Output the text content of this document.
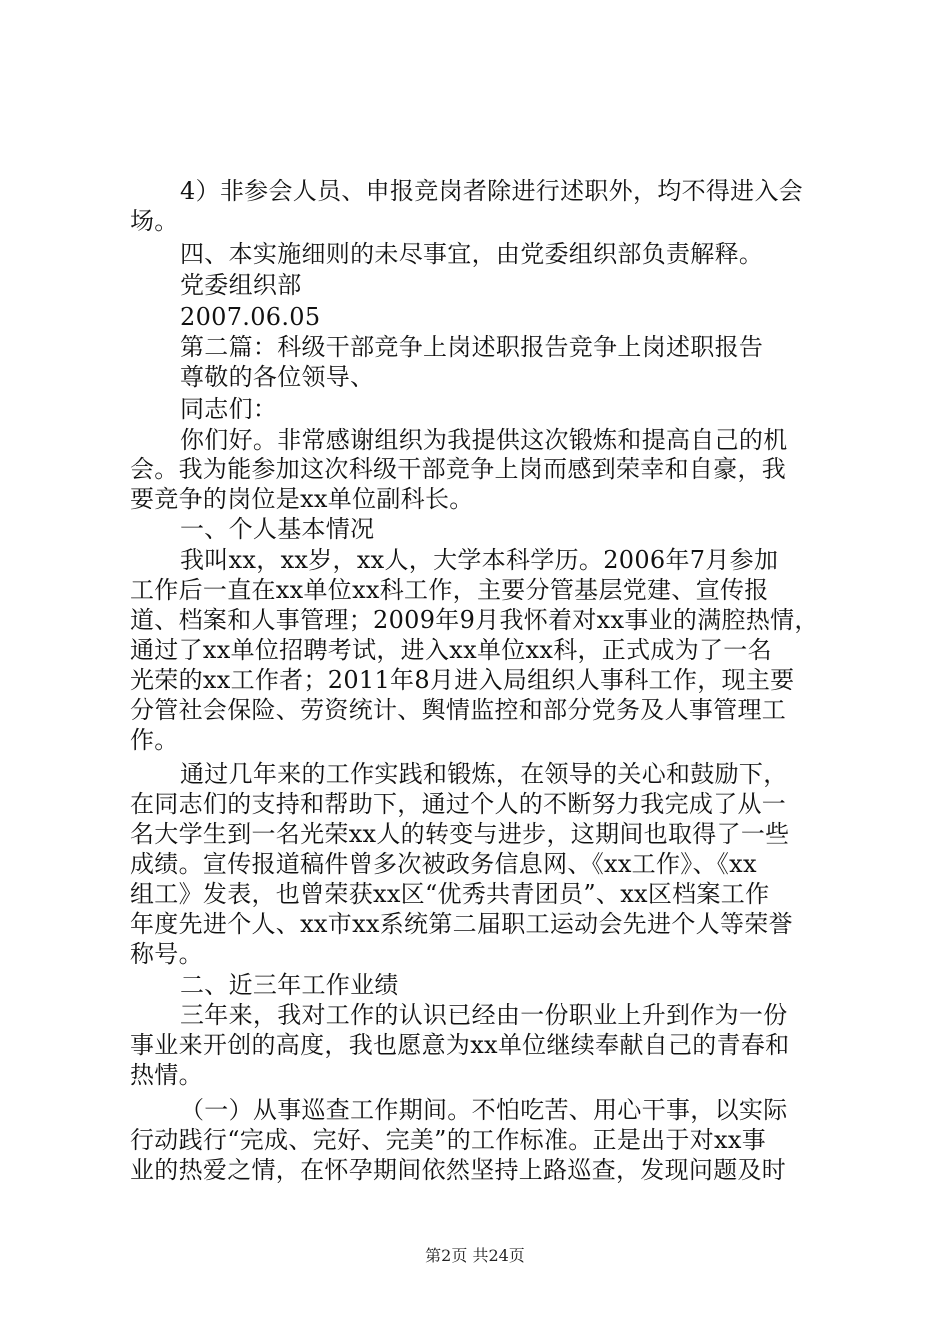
4）非参会人员、申报竞岗者除进行述职外，均不得进入会
场。
四、本实施细则的未尽事宜，由党委组织部负责解释。
党委组织部
2007.06.05
第二篇：科级干部竞争上岗述职报告竞争上岗述职报告
尊敬的各位领导、
同志们：
你们好。非常感谢组织为我提供这次锻炼和提高自己的机
会。我为能参加这次科级干部竞争上岗而感到荣幸和自豪，我
要竞争的岗位是xx单位副科长。
一、个人基本情况
我叫xx，xx岁，xx人，大学本科学历。2006年7月参加
工作后一直在xx单位xx科工作，主要分管基层党建、宣传报
道、档案和人事管理；2009年9月我怀着对xx事业的满腔热情，
通过了xx单位招聘考试，进入xx单位xx科，正式成为了一名
光荣的xx工作者；2011年8月进入局组织人事科工作，现主要
分管社会保险、劳资统计、舆情监控和部分党务及人事管理工
作。
通过几年来的工作实践和锻炼，在领导的关心和鼓励下，
在同志们的支持和帮助下，通过个人的不断努力我完成了从一
名大学生到一名光荣xx人的转变与进步，这期间也取得了一些
成绩。宣传报道稿件曾多次被政务信息网、《xx工作》、《xx
组工》发表，也曾荣获xx区“优秀共青团员”、xx区档案工作
年度先进个人、xx市xx系统第二届职工运动会先进个人等荣誉
称号。
二、近三年工作业绩
三年来，我对工作的认识已经由一份职业上升到作为一份
事业来开创的高度，我也愿意为xx单位继续奉献自己的青春和
热情。
（一）从事巡查工作期间。不怕吃苦、用心干事，以实际
行动践行“完成、完好、完美”的工作标准。正是出于对xx事
业的热爱之情，在怀孕期间依然坚持上路巡查，发现问题及时
第2页 共24页
